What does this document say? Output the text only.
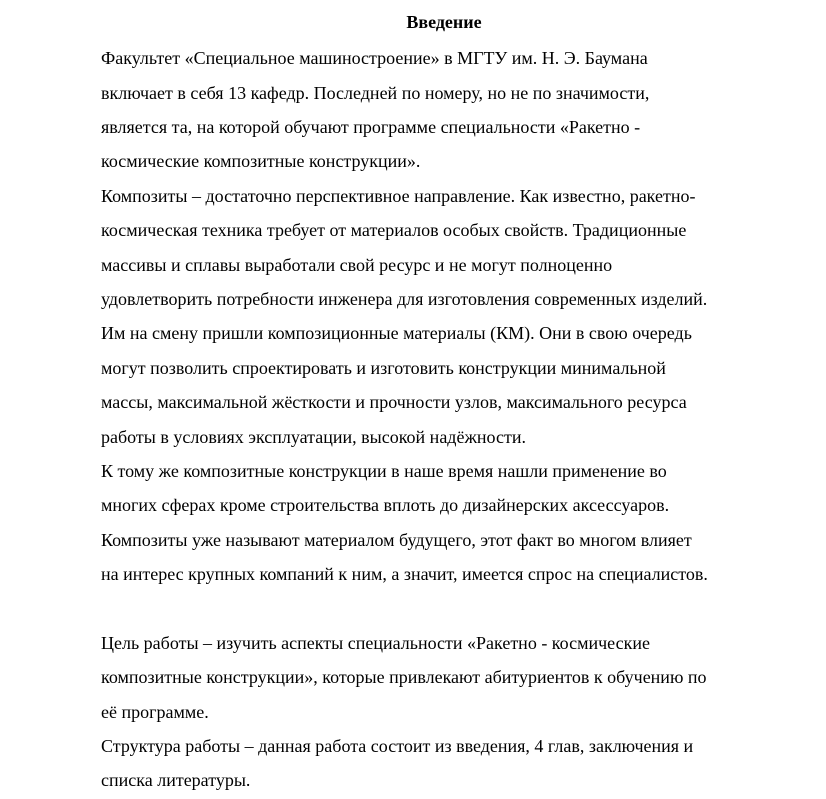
Введение
Факультет «Специальное машиностроение» в МГТУ им. Н. Э. Баумана
включает в себя 13 кафедр. Последней по номеру, но не по значимости,
является та, на которой обучают программе специальности «Ракетно -
космические композитные конструкции».
Композиты – достаточно перспективное направление. Как известно, ракетно-
космическая техника требует от материалов особых свойств. Традиционные
массивы и сплавы выработали свой ресурс и не могут полноценно
удовлетворить потребности инженера для изготовления современных изделий.
Им на смену пришли композиционные материалы (КМ). Они в свою очередь
могут позволить спроектировать и изготовить конструкции минимальной
массы, максимальной жёсткости и прочности узлов, максимального ресурса
работы в условиях эксплуатации, высокой надёжности.
К тому же композитные конструкции в наше время нашли применение во
многих сферах кроме строительства вплоть до дизайнерских аксессуаров.
Композиты уже называют материалом будущего, этот факт во многом влияет
на интерес крупных компаний к ним, а значит, имеется спрос на специалистов.
Цель работы – изучить аспекты специальности «Ракетно - космические
композитные конструкции», которые привлекают абитуриентов к обучению по
её программе.
Структура работы – данная работа состоит из введения, 4 глав, заключения и
списка литературы.
